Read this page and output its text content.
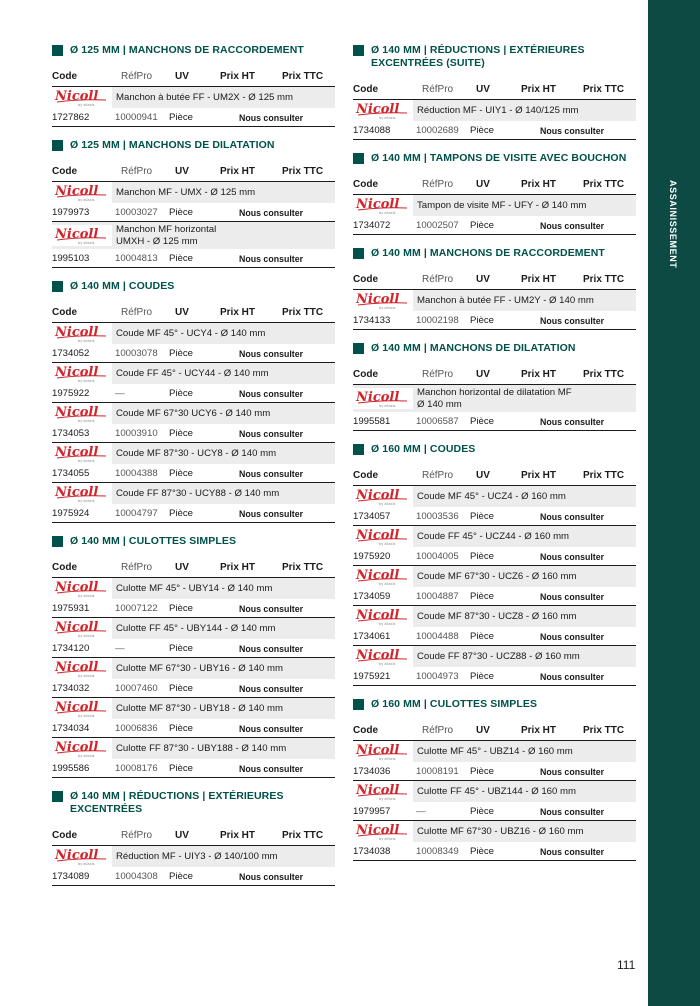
Ø 125 MM | MANCHONS DE RACCORDEMENT
Code	RéfPro UV	Prix HT	Prix TTC
Nicoll
by aliaxis
Manchon à butée FF - UM2X - Ø 125 mm
1727862	10000941 Pièce	Nous consulter
Ø 125 MM | MANCHONS DE DILATATION
Code	RéfPro UV	Prix HT	Prix TTC
Nicoll
by aliaxis
Manchon MF - UMX - Ø 125 mm
1979973	10003027 Pièce	Nous consulter
Nicoll
by aliaxis
Manchon MF horizontal
UMXH - Ø 125 mm
1995103	10004813 Pièce	Nous consulter
Ø 140 MM | COUDES
Code	RéfPro UV	Prix HT	Prix TTC
Nicoll
by aliaxis
Coude MF 45° - UCY4 - Ø 140 mm
1734052	10003078 Pièce	Nous consulter
Nicoll
by aliaxis
Coude FF 45° - UCY44 - Ø 140 mm
1975922	—	Pièce	Nous consulter
Nicoll
by aliaxis
Coude MF 67°30 UCY6 - Ø 140 mm
1734053	10003910 Pièce	Nous consulter
Nicoll
by aliaxis
Coude MF 87°30 - UCY8 - Ø 140 mm
1734055	10004388 Pièce	Nous consulter
Nicoll
by aliaxis
Coude FF 87°30 - UCY88 - Ø 140 mm
1975924	10004797 Pièce	Nous consulter
Ø 140 MM | CULOTTES SIMPLES
Code	RéfPro UV	Prix HT	Prix TTC
Nicoll
by aliaxis
Culotte MF 45° - UBY14 - Ø 140 mm
1975931	10007122 Pièce	Nous consulter
Nicoll
by aliaxis
Culotte FF 45° - UBY144 - Ø 140 mm
1734120	—	Pièce	Nous consulter
Nicoll
by aliaxis
Culotte MF 67°30 - UBY16 - Ø 140 mm
1734032	10007460 Pièce	Nous consulter
Nicoll
by aliaxis
Culotte MF 87°30 - UBY18 - Ø 140 mm
1734034	10006836 Pièce	Nous consulter
Nicoll
by aliaxis
Culotte FF 87°30 - UBY188 - Ø 140 mm
1995586	10008176 Pièce	Nous consulter
Ø 140 MM | RÉDUCTIONS | EXTÉRIEURES EXCENTRÉES
Code	RéfPro UV	Prix HT	Prix TTC
Nicoll
by aliaxis
Réduction MF - UIY3 - Ø 140/100 mm
1734089	10004308 Pièce	Nous consulter
Ø 140 MM | RÉDUCTIONS | EXTÉRIEURES EXCENTRÉES (SUITE)
Code	RéfPro UV	Prix HT	Prix TTC
Nicoll
by aliaxis
Réduction MF - UIY1 - Ø 140/125 mm
1734088	10002689 Pièce	Nous consulter
Ø 140 MM | TAMPONS DE VISITE AVEC BOUCHON
Code	RéfPro UV	Prix HT	Prix TTC
Nicoll
by aliaxis
Tampon de visite MF - UFY - Ø 140 mm
1734072	10002507 Pièce	Nous consulter
Ø 140 MM | MANCHONS DE RACCORDEMENT
Code	RéfPro UV	Prix HT	Prix TTC
Nicoll
by aliaxis
Manchon à butée FF - UM2Y - Ø 140 mm
1734133	10002198 Pièce	Nous consulter
Ø 140 MM | MANCHONS DE DILATATION
Code	RéfPro UV	Prix HT	Prix TTC
Nicoll
by aliaxis
Manchon horizontal de dilatation MF
Ø 140 mm
1995581	10006587 Pièce	Nous consulter
Ø 160 MM | COUDES
Code	RéfPro UV	Prix HT	Prix TTC
Nicoll
by aliaxis
Coude MF 45° - UCZ4 - Ø 160 mm
1734057	10003536 Pièce	Nous consulter
Nicoll
by aliaxis
Coude FF 45° - UCZ44 - Ø 160 mm
1975920	10004005 Pièce	Nous consulter
Nicoll
by aliaxis
Coude MF 67°30 - UCZ6 - Ø 160 mm
1734059	10004887 Pièce	Nous consulter
Nicoll
by aliaxis
Coude MF 87°30 - UCZ8 - Ø 160 mm
1734061	10004488 Pièce	Nous consulter
Nicoll
by aliaxis
Coude FF 87°30 - UCZ88 - Ø 160 mm
1975921	10004973 Pièce	Nous consulter
Ø 160 MM | CULOTTES SIMPLES
Code	RéfPro UV	Prix HT	Prix TTC
Nicoll
by aliaxis
Culotte MF 45° - UBZ14 - Ø 160 mm
1734036	10008191 Pièce	Nous consulter
Nicoll
by aliaxis
Culotte FF 45° - UBZ144 - Ø 160 mm
1979957	—	Pièce	Nous consulter
Nicoll
by aliaxis
Culotte MF 67°30 - UBZ16 - Ø 160 mm
1734038	10008349 Pièce	Nous consulter
ASSAINISSEMENT
111
